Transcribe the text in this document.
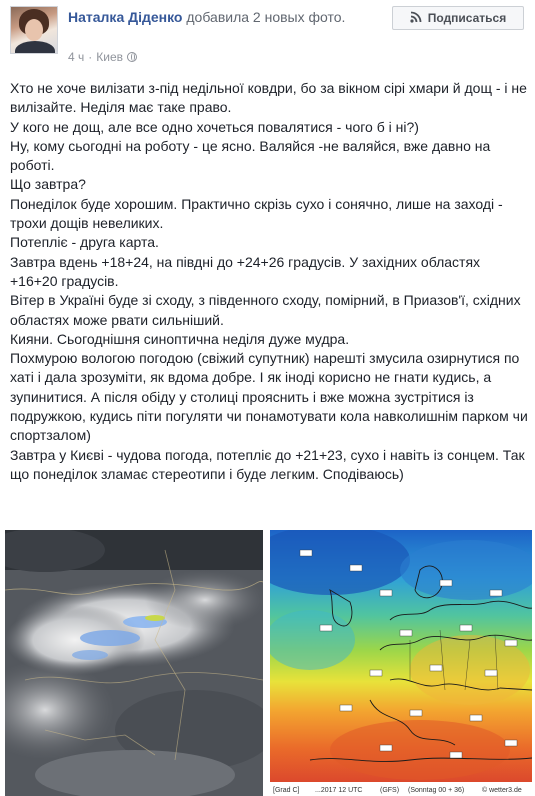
Наталка Діденко добавила 2 новых фото.
4 ч · Киев
Подписаться

Хто не хоче вилізати з-під недільної ковдри, бо за вікном сірі хмари й дощ - і не вилізайте. Неділя має таке право.

У кого не дощ, але все одно хочеться повалятися - чого б і ні?)

Ну, кому сьогодні на роботу - це ясно. Валяйся -не валяйся, вже давно на роботі.

Що завтра?

Понеділок буде хорошим. Практично скрізь сухо і сонячно, лише на заході - трохи дощів невеликих.

Потепліє - друга карта.

Завтра вдень +18+24, на півдні до +24+26 градусів. У західних областях +16+20 градусів.

Вітер в Україні буде зі сходу, з південного сходу, помірний, в Приазов'ї, східних областях може рвати сильніший.

Кияни. Сьогоднішня синоптична неділя дуже мудра.

Похмурою вологою погодою (свіжий супутник) нарешті змусила озирнутися по хаті і дала зрозуміти, як вдома добре. І як іноді корисно не гнати кудись, а зупинитися. А після обіду у столиці прояснить і вже можна зустрітися із подружкою, кудись піти погуляти чи понамотувати кола навколишнім парком чи спортзалом)

Завтра у Києві - чудова погода, потепліє до +21+23, сухо і навіть із сонцем. Так що понеділок зламає стереотипи і буде легким. Сподіваюсь)

[Grad C] ...2017 12 UTC	(GFS) (Sonntag 00 + 36)	© wetter3.de
